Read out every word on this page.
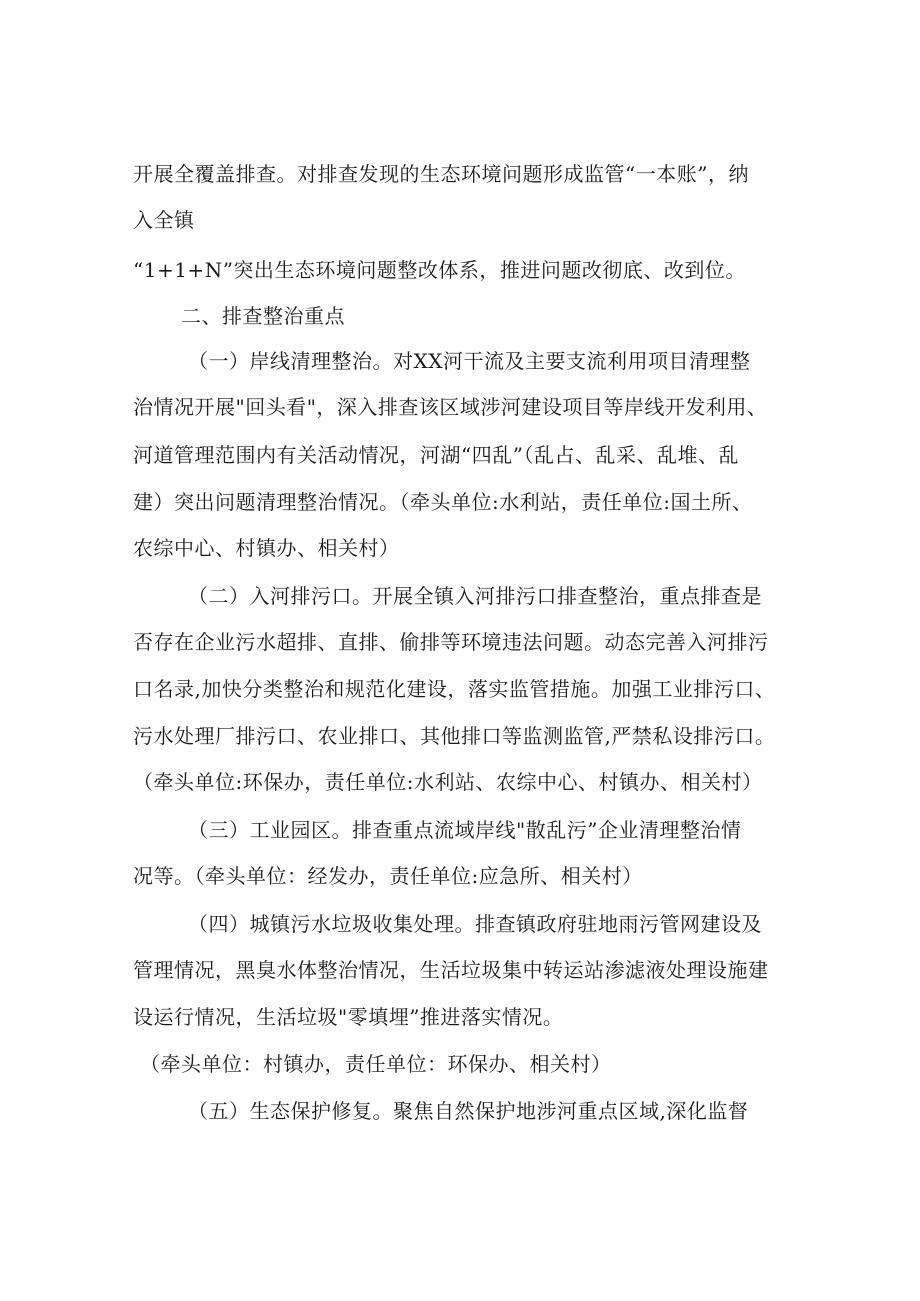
开展全覆盖排查。对排查发现的生态环境问题形成监管“一本账”，纳
入全镇
“1+1+N”突出生态环境问题整改体系，推进问题改彻底、改到位。
二、排查整治重点
（一）岸线清理整治。对XX河干流及主要支流利用项目清理整
治情况开展"回头看"，深入排查该区域涉河建设项目等岸线开发利用、
河道管理范围内有关活动情况，河湖“四乱”（乱占、乱采、乱堆、乱
建）突出问题清理整治情况。（牵头单位:水利站，责任单位:国土所、
农综中心、村镇办、相关村）
（二）入河排污口。开展全镇入河排污口排查整治，重点排查是
否存在企业污水超排、直排、偷排等环境违法问题。动态完善入河排污
口名录,加快分类整治和规范化建设，落实监管措施。加强工业排污口、
污水处理厂排污口、农业排口、其他排口等监测监管,严禁私设排污口。
（牵头单位:环保办，责任单位:水利站、农综中心、村镇办、相关村）
（三）工业园区。排查重点流域岸线"散乱污”企业清理整治情
况等。（牵头单位：经发办，责任单位:应急所、相关村）
（四）城镇污水垃圾收集处理。排查镇政府驻地雨污管网建设及
管理情况，黑臭水体整治情况，生活垃圾集中转运站渗滤液处理设施建
设运行情况，生活垃圾"零填埋”推进落实情况。
（牵头单位：村镇办，责任单位：环保办、相关村）
（五）生态保护修复。聚焦自然保护地涉河重点区域,深化监督
